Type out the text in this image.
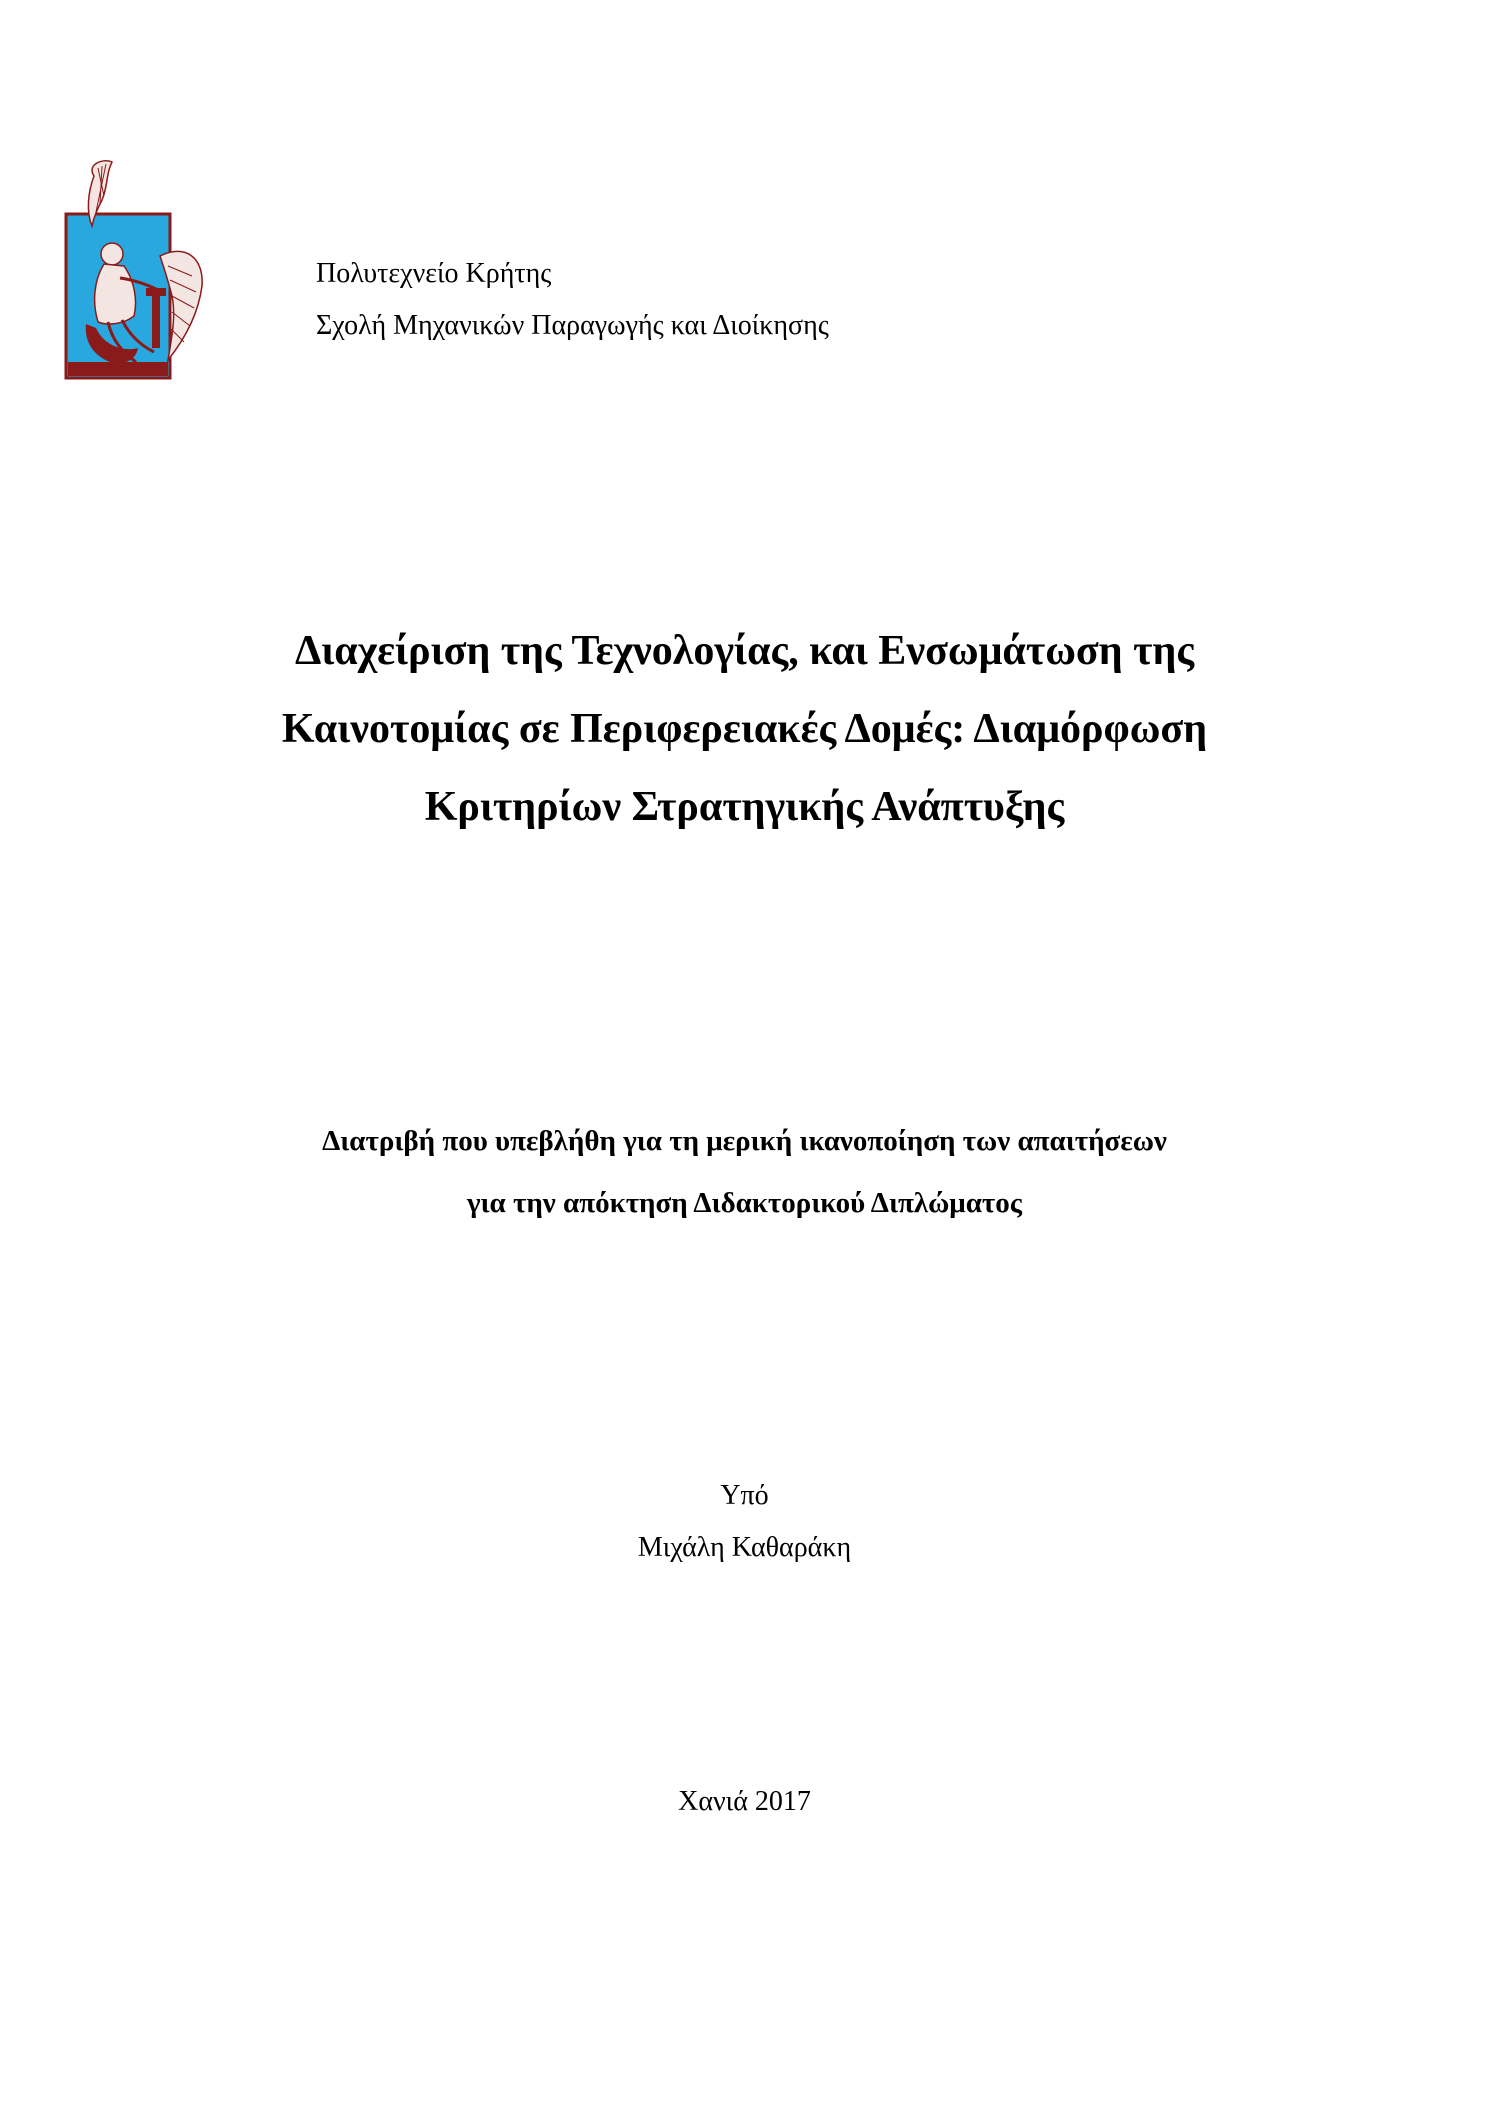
Πολυτεχνείο Κρήτης
Σχολή Μηχανικών Παραγωγής και Διοίκησης
Διαχείριση της Τεχνολογίας, και Ενσωμάτωση της
Καινοτομίας σε Περιφερειακές Δομές: Διαμόρφωση
Κριτηρίων Στρατηγικής Ανάπτυξης
Διατριβή που υπεβλήθη για τη μερική ικανοποίηση των απαιτήσεων
για την απόκτηση Διδακτορικού Διπλώματος
Υπό
Μιχάλη Καθαράκη
Χανιά 2017
